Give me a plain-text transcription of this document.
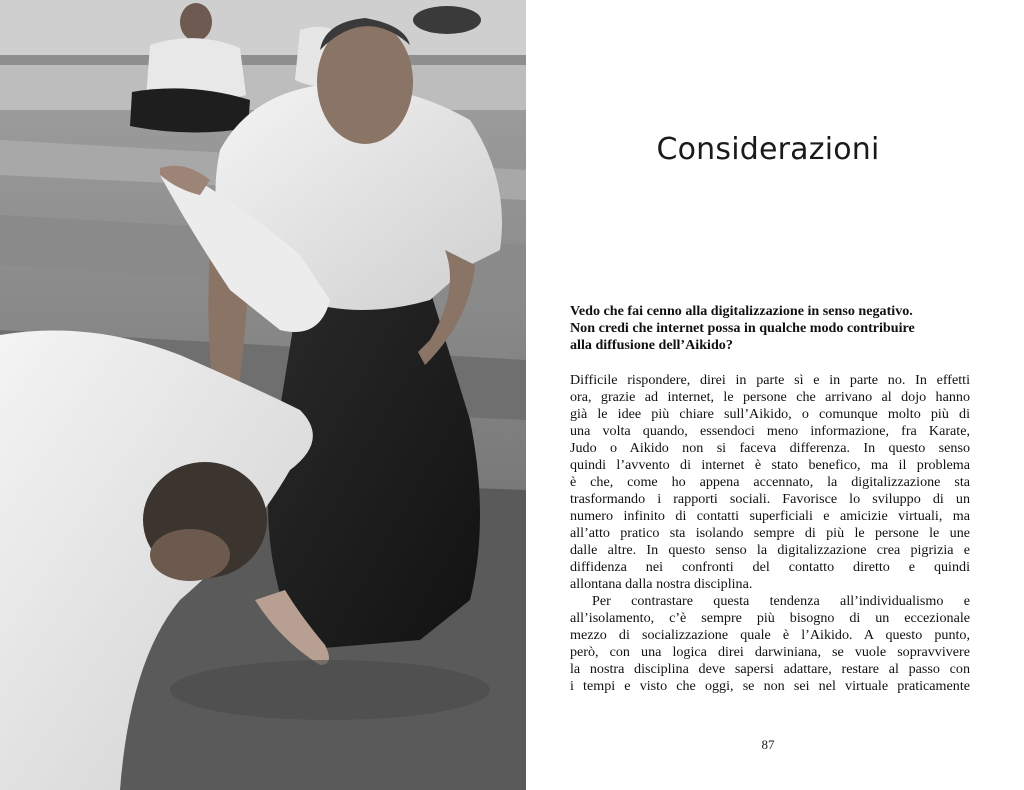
Considerazioni
Vedo che fai cenno alla digitalizzazione in senso negativo.
Non credi che internet possa in qualche modo contribuire
alla diffusione dell’Aikido?
Difficile rispondere, direi in parte sì e in parte no. In effetti
ora, grazie ad internet, le persone che arrivano al dojo hanno
già le idee più chiare sull’Aikido, o comunque molto più di
una volta quando, essendoci meno informazione, fra Karate,
Judo o Aikido non si faceva differenza. In questo senso
quindi l’avvento di internet è stato benefico, ma il problema
è che, come ho appena accennato, la digitalizzazione sta
trasformando i rapporti sociali. Favorisce lo sviluppo di un
numero infinito di contatti superficiali e amicizie virtuali, ma
all’atto pratico sta isolando sempre di più le persone le une
dalle altre. In questo senso la digitalizzazione crea pigrizia e
diffidenza nei confronti del contatto diretto e quindi
allontana dalla nostra disciplina.
Per contrastare questa tendenza all’individualismo e
all’isolamento, c’è sempre più bisogno di un eccezionale
mezzo di socializzazione quale è l’Aikido. A questo punto,
però, con una logica direi darwiniana, se vuole sopravvivere
la nostra disciplina deve sapersi adattare, restare al passo con
i tempi e visto che oggi, se non sei nel virtuale praticamente

87
